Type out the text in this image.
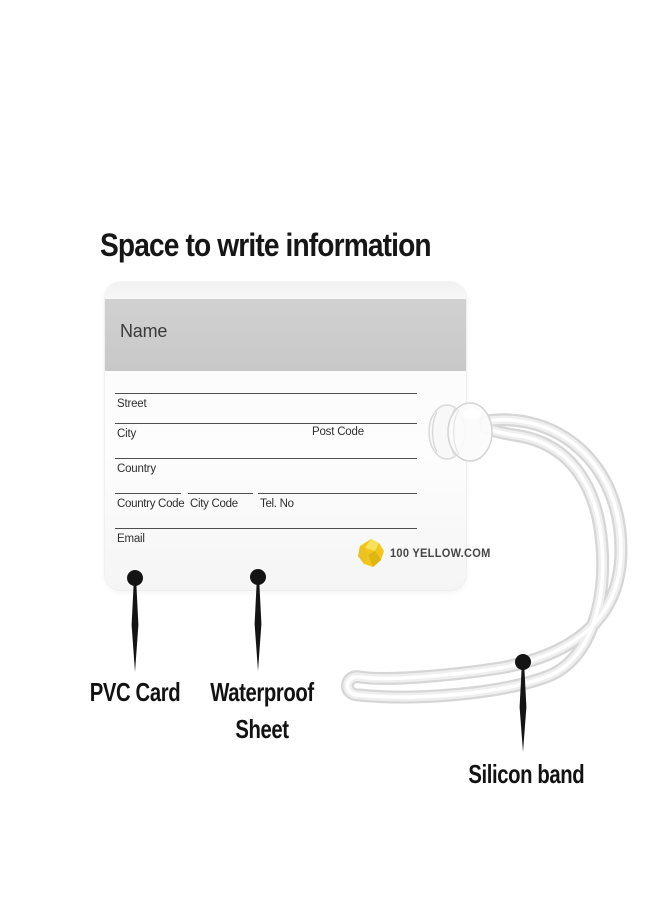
Space to write information
Name
Street
City	Post Code
Country
Country Code City Code	Tel. No
Email
100 YELLOW.COM
PVC Card Waterproof
Sheet
Silicon band
